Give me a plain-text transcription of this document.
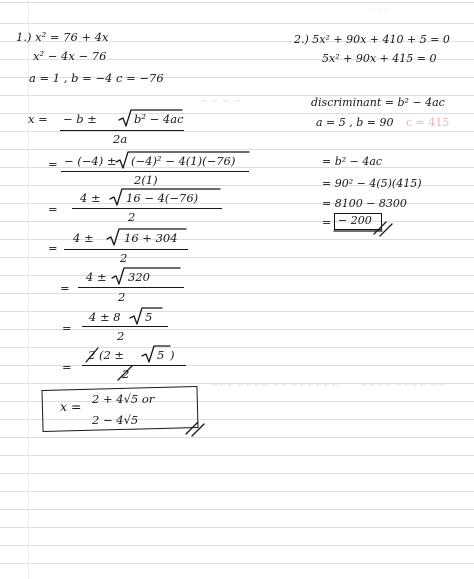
· · ·
~ ~ ~ ~
~~~ ~~~~ ~~ ~~~~~~ ~~~~ ~~~~ ~~
1.) x² = 76 + 4x
x² − 4x − 76
a = 1 , b = −4 c = −76
x = − b ±	b² − 4ac
2a
= − (−4) ± (−4)² − 4(1)(−76)
2(1)
=
4 ± 16 − 4(−76)
2
=
4 ±	16 + 304
2
=
4 ± 320
2
=
4 ± 8 5
2
=
2 (2 ±	5 )
2
x = 2 + 4√5 or
2 − 4√5
2.) 5x² + 90x + 410 + 5 = 0
5x² + 90x + 415 = 0
discriminant = b² − 4ac
a = 5 , b = 90 c = 415
= b² − 4ac
= 90² − 4(5)(415)
= 8100 − 8300
= − 200
